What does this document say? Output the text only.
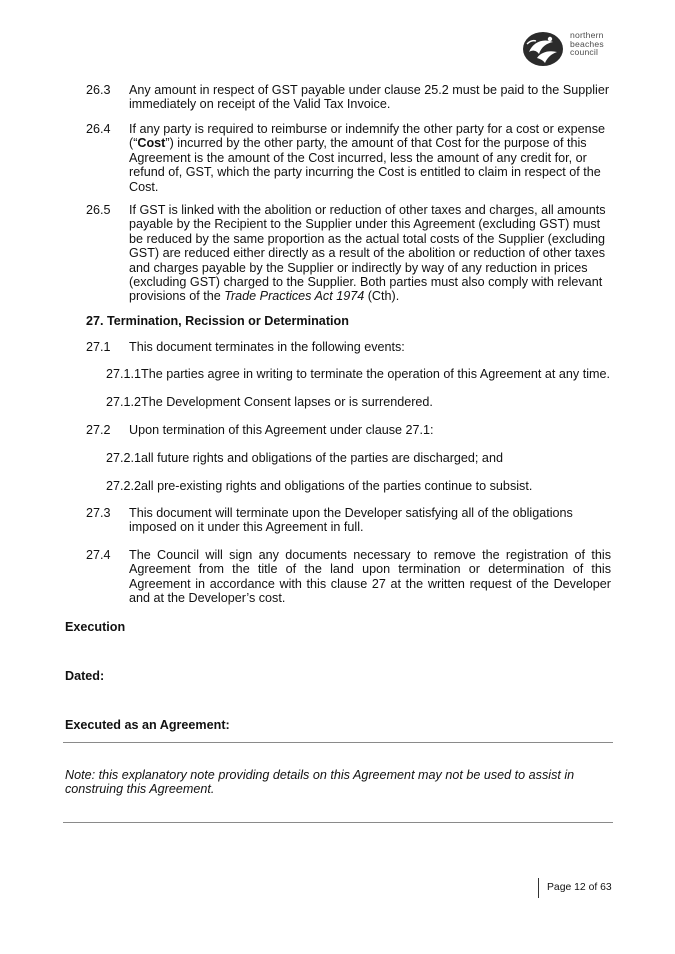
northern
beaches
council
26.3 Any amount in respect of GST payable under clause 25.2 must be paid to the Supplier immediately on receipt of the Valid Tax Invoice.
26.4 If any party is required to reimburse or indemnify the other party for a cost or expense (“Cost”) incurred by the other party, the amount of that Cost for the purpose of this Agreement is the amount of the Cost incurred, less the amount of any credit for, or refund of, GST, which the party incurring the Cost is entitled to claim in respect of the Cost.
26.5 If GST is linked with the abolition or reduction of other taxes and charges, all amounts payable by the Recipient to the Supplier under this Agreement (excluding GST) must be reduced by the same proportion as the actual total costs of the Supplier (excluding GST) are reduced either directly as a result of the abolition or reduction of other taxes and charges payable by the Supplier or indirectly by way of any reduction in prices (excluding GST) charged to the Supplier. Both parties must also comply with relevant provisions of the Trade Practices Act 1974 (Cth).
27. Termination, Recission or Determination
27.1 This document terminates in the following events:
27.1.1The parties agree in writing to terminate the operation of this Agreement at any time.
27.1.2The Development Consent lapses or is surrendered.
27.2 Upon termination of this Agreement under clause 27.1:
27.2.1all future rights and obligations of the parties are discharged; and
27.2.2all pre-existing rights and obligations of the parties continue to subsist.
27.3 This document will terminate upon the Developer satisfying all of the obligations imposed on it under this Agreement in full.
27.4 The Council will sign any documents necessary to remove the registration of this Agreement from the title of the land upon termination or determination of this Agreement in accordance with this clause 27 at the written request of the Developer and at the Developer’s cost.
Execution
Dated:
Executed as an Agreement:
Note: this explanatory note providing details on this Agreement may not be used to assist in construing this Agreement.
Page 12 of 63
